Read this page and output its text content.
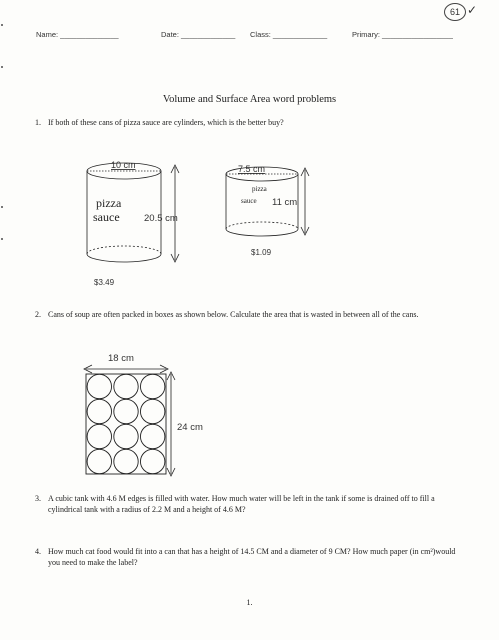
Name: ______________	Date: _____________ Class: _____________	Primary: _________________
61 ✓
Volume and Surface Area word problems
1. If both of these cans of pizza sauce are cylinders, which is the better buy?
10 cm
pizza
sauce	20.5 cm
$3.49
7.5 cm
pizza
sauce 11 cm
$1.09
2. Cans of soup are often packed in boxes as shown below. Calculate the area that is wasted in between all of the cans.
18 cm
24 cm
3. A cubic tank with 4.6 M edges is filled with water. How much water will be left in the tank if some is drained off to fill a cylindrical tank with a radius of 2.2 M and a height of 4.6 M?
4. How much cat food would fit into a can that has a height of 14.5 CM and a diameter of 9 CM? How much paper (in cm²)would you need to make the label?
1.
